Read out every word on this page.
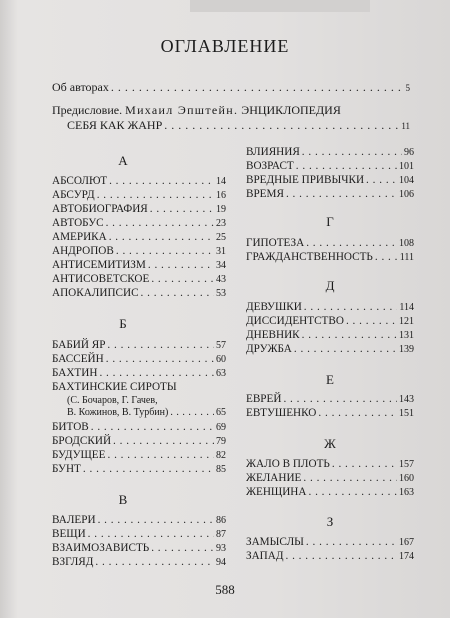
ОГЛАВЛЕНИЕ
Об авторах . . .	5
Предисловие. Михаил Эпштейн. ЭНЦИКЛОПЕДИЯ
СЕБЯ КАК ЖАНР . . .	11
А
АБСОЛЮТ . . .	14
АБСУРД . . .	16
АВТОБИОГРАФИЯ . . .	19
АВТОБУС . . .	23
АМЕРИКА . . .	25
АНДРОПОВ . . .	31
АНТИСЕМИТИЗМ . . .	34
АНТИСОВЕТСКОЕ . . .	43
АПОКАЛИПСИС . . .	53
Б
БАБИЙ ЯР . . .	57
БАССЕЙН . . .	60
БАХТИН . . .	63
БАХТИНСКИЕ СИРОТЫ
(С. Бочаров, Г. Гачев,
В. Кожинов, В. Турбин) . . .	65
БИТОВ . . .	69
БРОДСКИЙ . . .	79
БУДУЩЕЕ . . .	82
БУНТ . . .	85
В
ВАЛЕРИ . . .	86
ВЕЩИ . . .	87
ВЗАИМОЗАВИСТЬ . . .	93
ВЗГЛЯД . . .	94
ВЛИЯНИЯ . . .	96
ВОЗРАСТ . . .	101
ВРЕДНЫЕ ПРИВЫЧКИ . . .	104
ВРЕМЯ . . .	106
Г
ГИПОТЕЗА . . .	108
ГРАЖДАНСТВЕННОСТЬ . . .	111
Д
ДЕВУШКИ . . .	114
ДИССИДЕНТСТВО . . .	121
ДНЕВНИК . . .	131
ДРУЖБА . . .	139
Е
ЕВРЕЙ . . .	143
ЕВТУШЕНКО . . .	151
Ж
ЖАЛО В ПЛОТЬ . . .	157
ЖЕЛАНИЕ . . .	160
ЖЕНЩИНА . . .	163
З
ЗАМЫСЛЫ . . .	167
ЗАПАД . . .	174
588
